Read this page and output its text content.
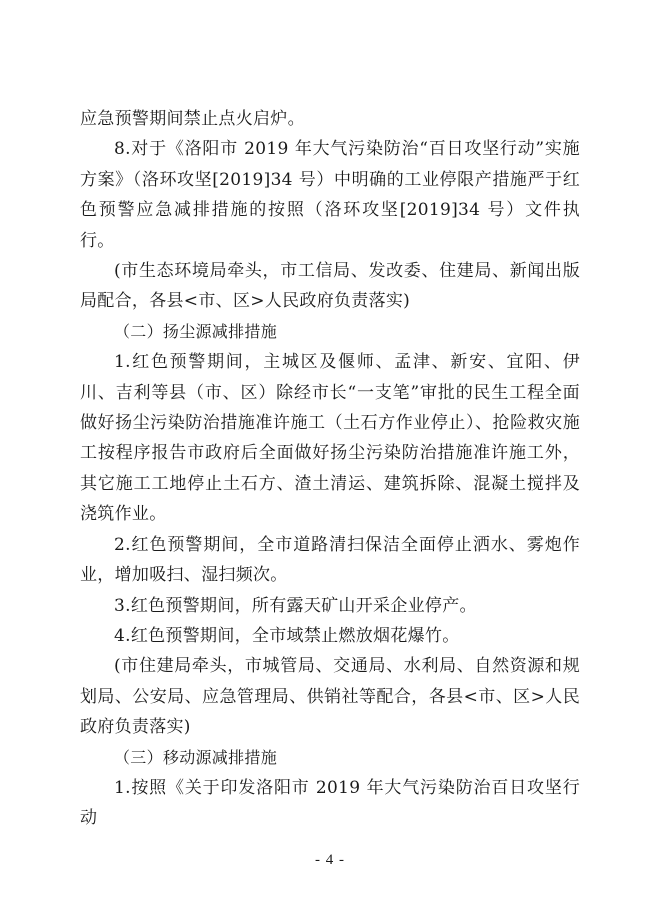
应急预警期间禁止点火启炉。

8.对于《洛阳市 2019 年大气污染防治“百日攻坚行动”实施方案》（洛环攻坚[2019]34 号）中明确的工业停限产措施严于红色预警应急减排措施的按照（洛环攻坚[2019]34 号）文件执行。

(市生态环境局牵头，市工信局、发改委、住建局、新闻出版局配合，各县<市、区>人民政府负责落实)

（二）扬尘源减排措施

1.红色预警期间，主城区及偃师、孟津、新安、宜阳、伊川、吉利等县（市、区）除经市长“一支笔”审批的民生工程全面做好扬尘污染防治措施准许施工（土石方作业停止）、抢险救灾施工按程序报告市政府后全面做好扬尘污染防治措施准许施工外，其它施工工地停止土石方、渣土清运、建筑拆除、混凝土搅拌及浇筑作业。

2.红色预警期间，全市道路清扫保洁全面停止洒水、雾炮作业，增加吸扫、湿扫频次。

3.红色预警期间，所有露天矿山开采企业停产。

4.红色预警期间，全市域禁止燃放烟花爆竹。

(市住建局牵头，市城管局、交通局、水利局、自然资源和规划局、公安局、应急管理局、供销社等配合，各县<市、区>人民政府负责落实)

（三）移动源减排措施

1.按照《关于印发洛阳市 2019 年大气污染防治百日攻坚行动

- 4 -
